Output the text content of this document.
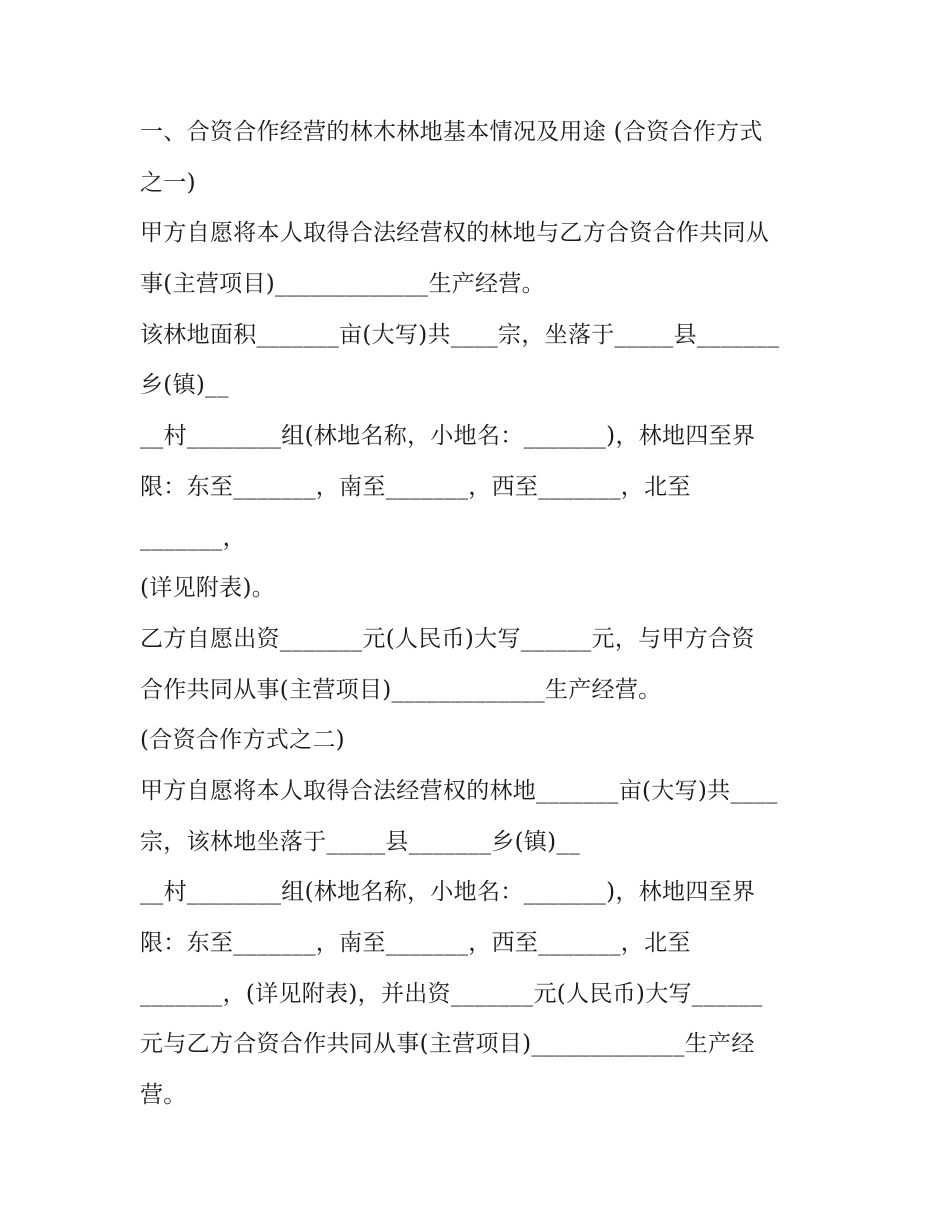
一、合资合作经营的林木林地基本情况及用途 (合资合作方式
之一)
甲方自愿将本人取得合法经营权的林地与乙方合资合作共同从
事(主营项目)_____________生产经营。
该林地面积_______亩(大写)共____宗，坐落于_____县_______
乡(镇)__
__村________组(林地名称，小地名：_______)，林地四至界
限：东至_______，南至_______，西至_______，北至
_______，
(详见附表)。
乙方自愿出资_______元(人民币)大写______元，与甲方合资
合作共同从事(主营项目)_____________生产经营。
(合资合作方式之二)
甲方自愿将本人取得合法经营权的林地_______亩(大写)共____
宗，该林地坐落于_____县_______乡(镇)__
__村________组(林地名称，小地名：_______)，林地四至界
限：东至_______，南至_______，西至_______，北至
_______，(详见附表)，并出资_______元(人民币)大写______
元与乙方合资合作共同从事(主营项目)_____________生产经
营。
